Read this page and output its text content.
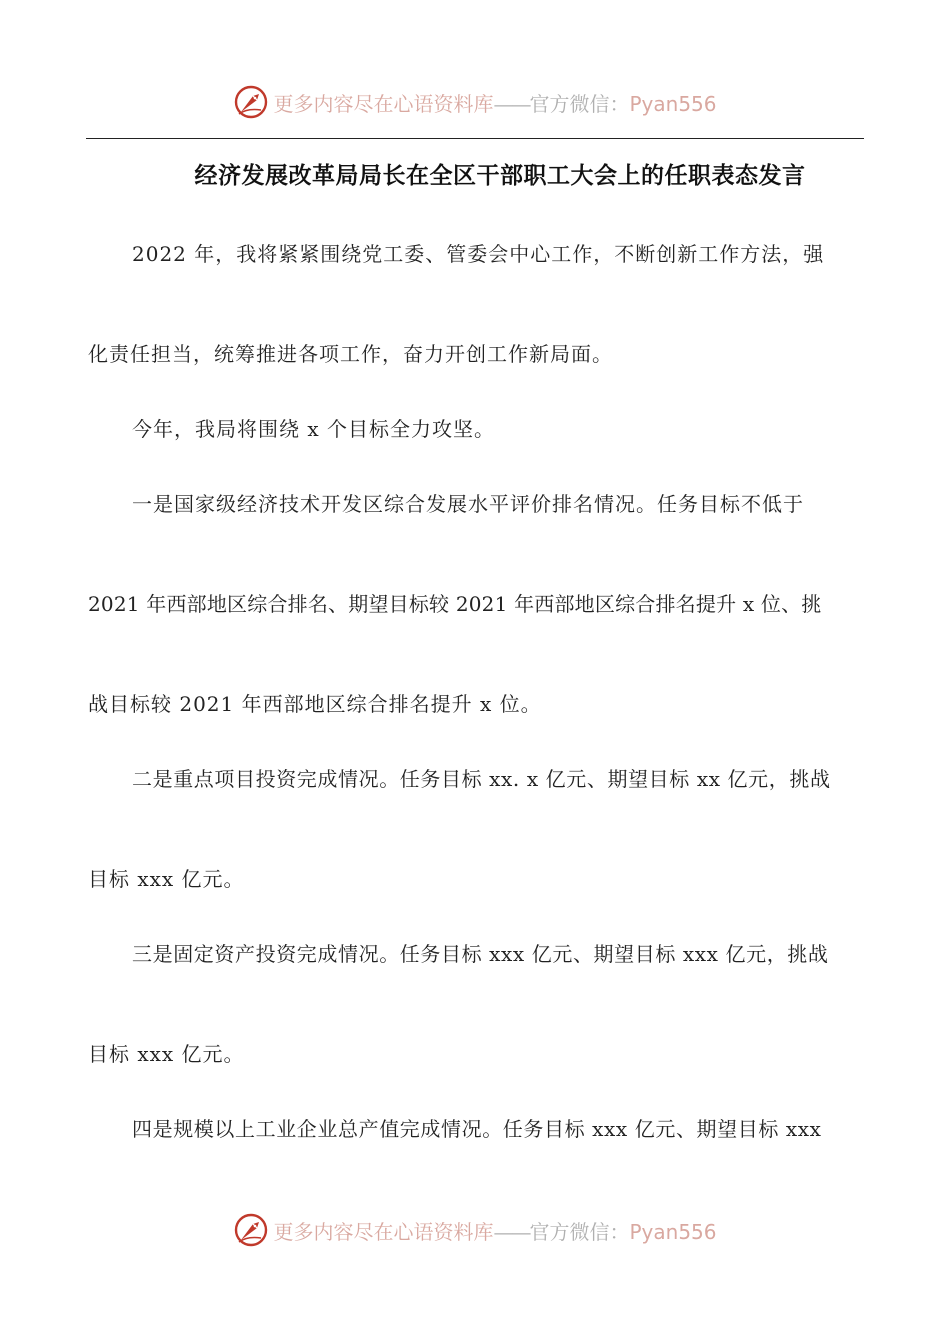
更多内容尽在心语资料库——官方微信：Pyan556
经济发展改革局局长在全区干部职工大会上的任职表态发言
2022 年，我将紧紧围绕党工委、管委会中心工作，不断创新工作方法，强
化责任担当，统筹推进各项工作，奋力开创工作新局面。
今年，我局将围绕 x 个目标全力攻坚。
一是国家级经济技术开发区综合发展水平评价排名情况。任务目标不低于
2021 年西部地区综合排名、期望目标较 2021 年西部地区综合排名提升 x 位、挑
战目标较 2021 年西部地区综合排名提升 x 位。
二是重点项目投资完成情况。任务目标 xx. x 亿元、期望目标 xx 亿元，挑战
目标 xxx 亿元。
三是固定资产投资完成情况。任务目标 xxx 亿元、期望目标 xxx 亿元，挑战
目标 xxx 亿元。
四是规模以上工业企业总产值完成情况。任务目标 xxx 亿元、期望目标 xxx
更多内容尽在心语资料库——官方微信：Pyan556
